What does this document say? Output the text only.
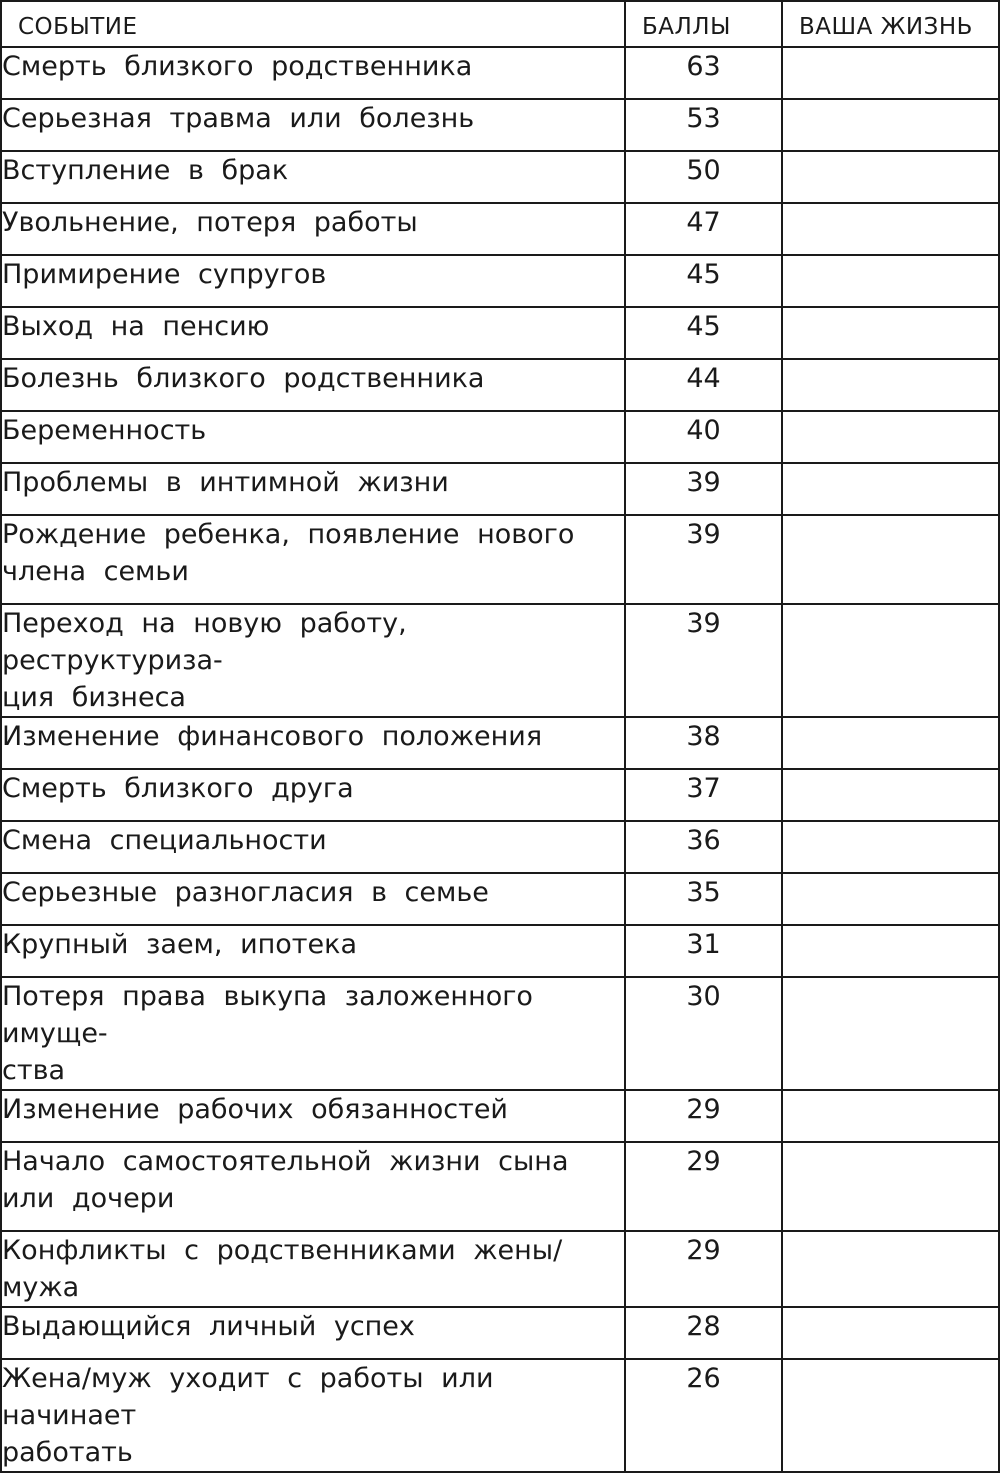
СОБЫТИЕ	БАЛЛЫ	ВАША ЖИЗНЬ

Смерть близкого родственника	63	

Серьезная травма или болезнь	53	

Вступление в брак	50	

Увольнение, потеря работы	47	

Примирение супругов	45	

Выход на пенсию	45	

Болезнь близкого родственника	44	

Беременность	40	

Проблемы в интимной жизни	39	

Рождение ребенка, появление нового
члена семьи	39	

Переход на новую работу, реструктуриза-
ция бизнеса	39	

Изменение финансового положения	38	

Смерть близкого друга	37	

Смена специальности	36	

Серьезные разногласия в семье	35	

Крупный заем, ипотека	31	

Потеря права выкупа заложенного имуще-
ства	30	

Изменение рабочих обязанностей	29	

Начало самостоятельной жизни сына
или дочери	29	

Конфликты с родственниками жены/мужа	29	

Выдающийся личный успех	28	

Жена/муж уходит с работы или начинает
работать	26	
